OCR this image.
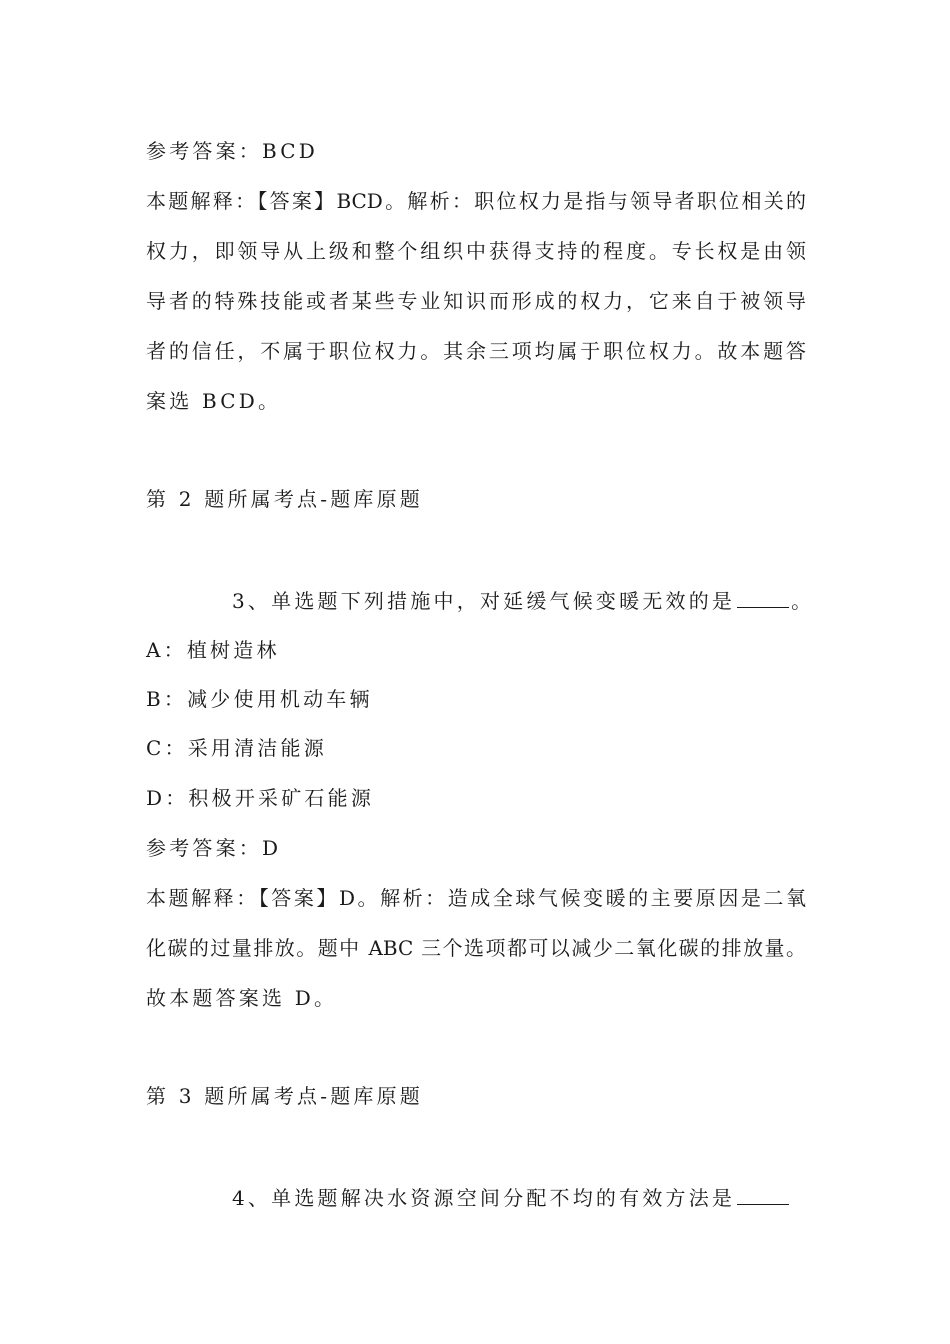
参考答案：BCD
本题解释：【答案】BCD。解析：职位权力是指与领导者职位相关的
权力，即领导从上级和整个组织中获得支持的程度。专长权是由领
导者的特殊技能或者某些专业知识而形成的权力，它来自于被领导
者的信任，不属于职位权力。其余三项均属于职位权力。故本题答
案选 BCD。
第 2 题所属考点-题库原题
3、单选题下列措施中，对延缓气候变暖无效的是	。
A：植树造林
B：减少使用机动车辆
C：采用清洁能源
D：积极开采矿石能源
参考答案：D
本题解释：【答案】D。解析：造成全球气候变暖的主要原因是二氧
化碳的过量排放。题中 ABC 三个选项都可以减少二氧化碳的排放量。
故本题答案选 D。
第 3 题所属考点-题库原题
4、单选题解决水资源空间分配不均的有效方法是
